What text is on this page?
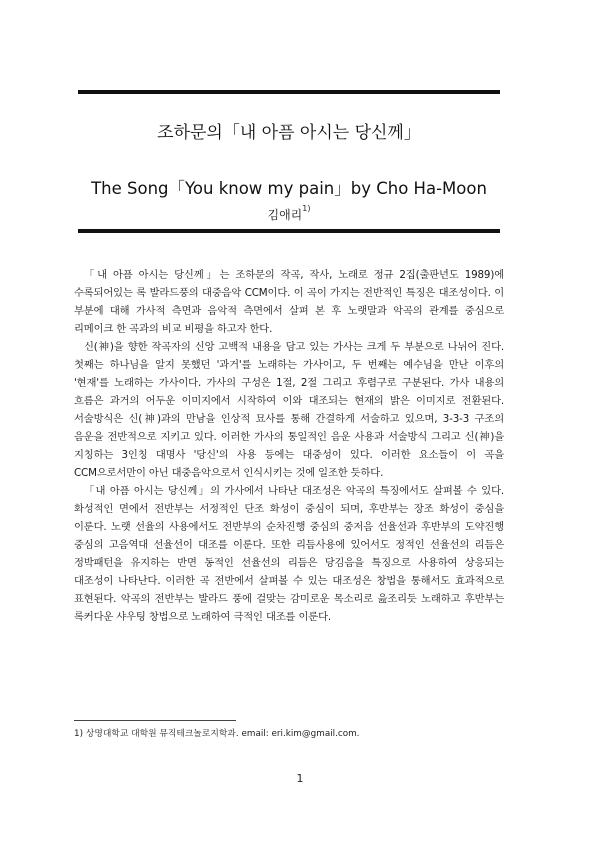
조하문의「내 아픔 아시는 당신께」
The Song「You know my pain」by Cho Ha-Moon
김애리$^{1)}$

「내 아픔 아시는 당신께」는 조하문의 작곡, 작사, 노래로 정규 2집(출판년도 1989)에 수록되어있는 록 발라드풍의 대중음악 CCM이다. 이 곡이 가지는 전반적인 특징은 대조성이다. 이 부분에 대해 가사적 측면과 음악적 측면에서 살펴 본 후 노랫말과 악곡의 관계를 중심으로 리메이크 한 곡과의 비교 비평을 하고자 한다.

신(神)을 향한 작곡자의 신앙 고백적 내용을 담고 있는 가사는 크게 두 부분으로 나뉘어 진다. 첫째는 하나님을 알지 못했던 '과거'를 노래하는 가사이고, 두 번째는 예수님을 만난 이후의 '현재'를 노래하는 가사이다. 가사의 구성은 1절, 2절 그리고 후렴구로 구분된다. 가사 내용의 흐름은 과거의 어두운 이미지에서 시작하여 이와 대조되는 현재의 밝은 이미지로 전환된다. 서술방식은 신(神)과의 만남을 인상적 묘사를 통해 간결하게 서술하고 있으며, 3-3-3 구조의 음운을 전반적으로 지키고 있다. 이러한 가사의 통일적인 음운 사용과 서술방식 그리고 신(神)을 지칭하는 3인칭 대명사 '당신'의 사용 등에는 대중성이 있다. 이러한 요소들이 이 곡을 CCM으로서만이 아닌 대중음악으로서 인식시키는 것에 일조한 듯하다.

「내 아픔 아시는 당신께」의 가사에서 나타난 대조성은 악곡의 특징에서도 살펴볼 수 있다. 화성적인 면에서 전반부는 서정적인 단조 화성이 중심이 되며, 후반부는 장조 화성이 중심을 이룬다. 노랫 선율의 사용에서도 전반부의 순차진행 중심의 중저음 선율선과 후반부의 도약진행 중심의 고음역대 선율선이 대조를 이룬다. 또한 리듬사용에 있어서도 정적인 선율선의 리듬은 정박패턴을 유지하는 반면 동적인 선율선의 리듬은 당김음을 특징으로 사용하여 상응되는 대조성이 나타난다. 이러한 곡 전반에서 살펴볼 수 있는 대조성은 창법을 통해서도 효과적으로 표현된다. 악곡의 전반부는 발라드 풍에 걸맞는 감미로운 목소리로 읊조리듯 노래하고 후반부는 록커다운 샤우팅 창법으로 노래하여 극적인 대조를 이룬다.

1) 상명대학교 대학원 뮤직테크놀로지학과. email: eri.kim@gmail.com.
1
